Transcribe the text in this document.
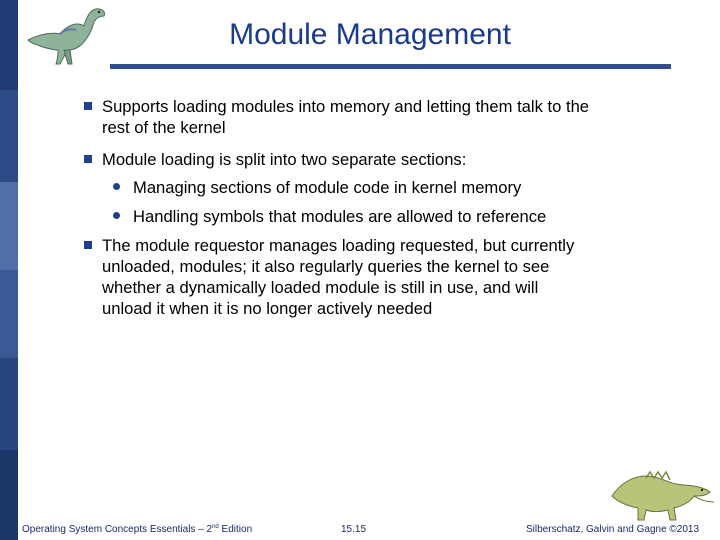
Module Management
Supports loading modules into memory and letting them talk to the rest of the kernel
Module loading is split into two separate sections:
Managing sections of module code in kernel memory
Handling symbols that modules are allowed to reference
The module requestor manages loading requested, but currently unloaded, modules; it also regularly queries the kernel to see whether a dynamically loaded module is still in use, and will unload it when it is no longer actively needed
Operating System Concepts Essentials – 2nd Edition	15.15	Silberschatz, Galvin and Gagne ©2013
